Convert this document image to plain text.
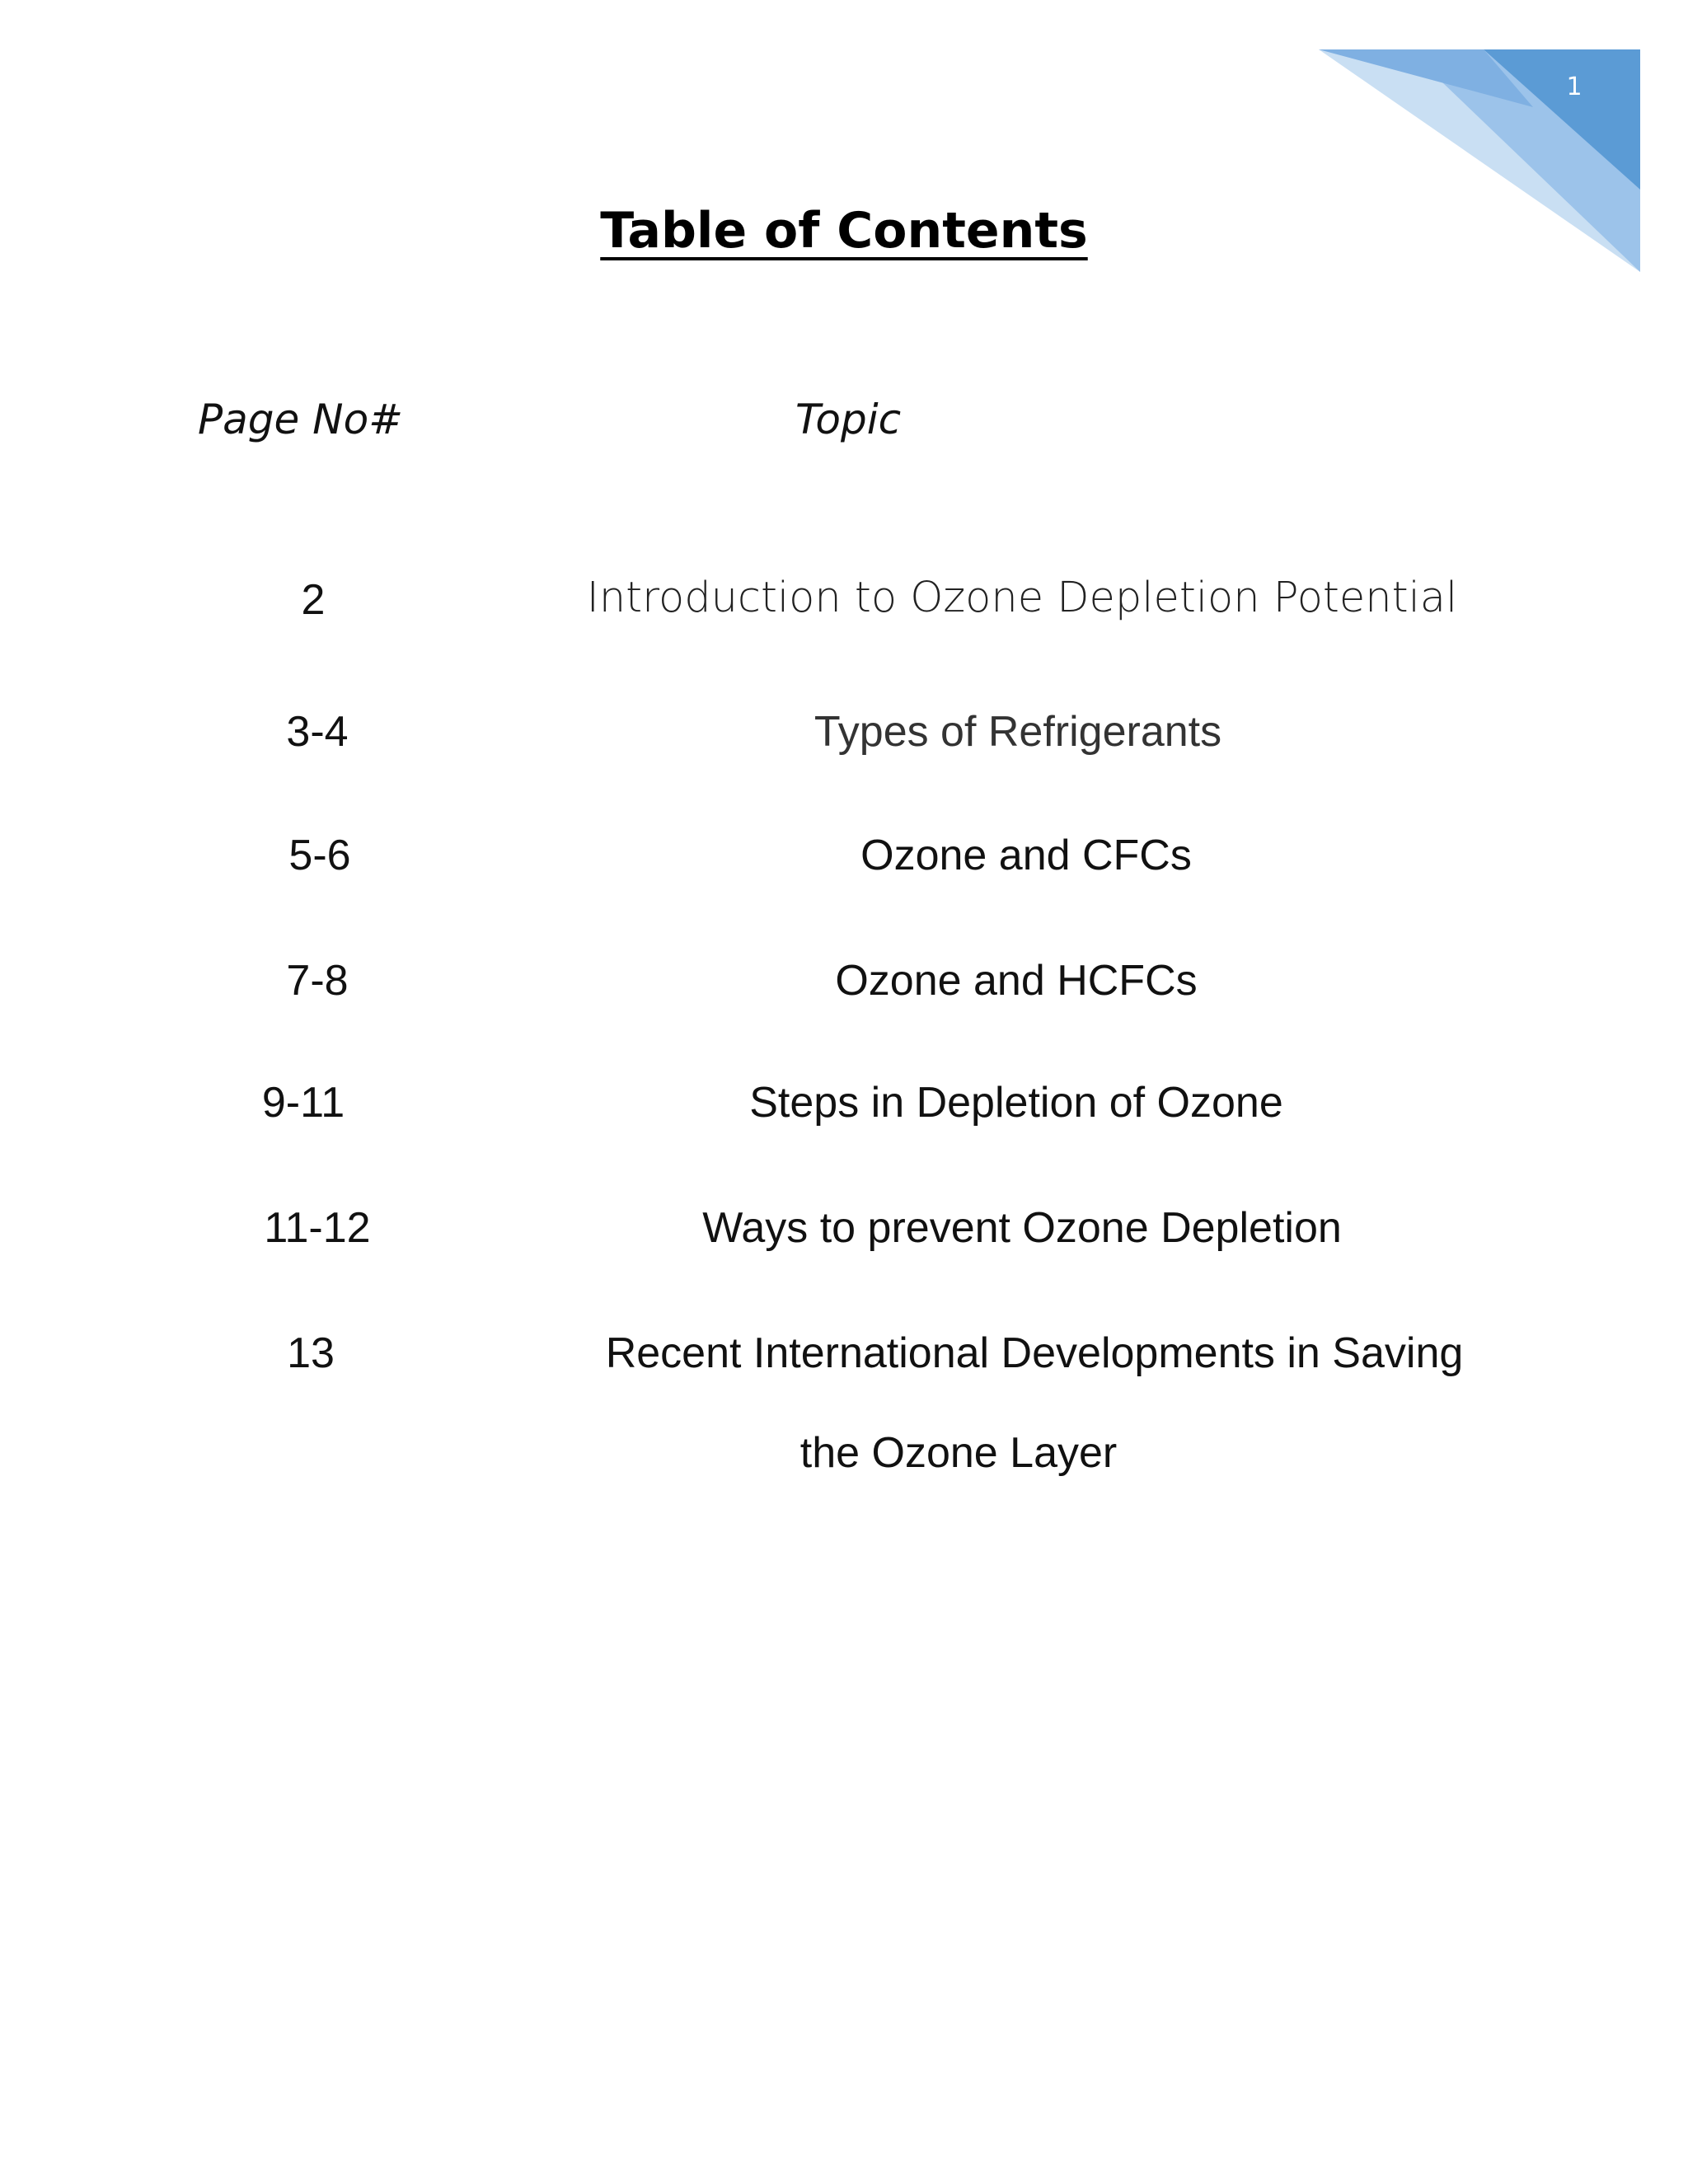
1
Table of Contents
Page No#	Topic
2	Introduction to Ozone Depletion Potential
3-4	Types of Refrigerants
5-6	Ozone and CFCs
7-8	Ozone and HCFCs
9-11	Steps in Depletion of Ozone
11-12	Ways to prevent Ozone Depletion
13	Recent International Developments in Saving
the Ozone Layer
